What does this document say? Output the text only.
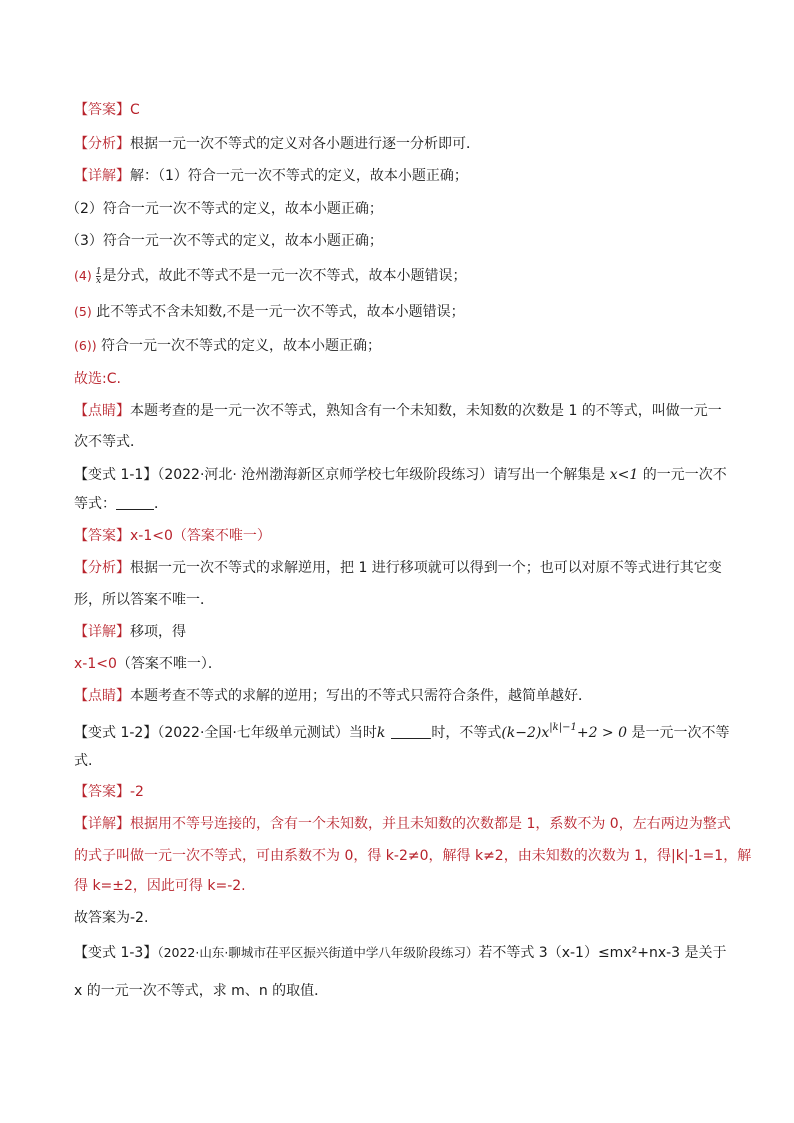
【答案】C
【分析】根据一元一次不等式的定义对各小题进行逐一分析即可．
【详解】解：（1）符合一元一次不等式的定义，故本小题正确；
（2）符合一元一次不等式的定义，故本小题正确；
（3）符合一元一次不等式的定义，故本小题正确；
$(4) \frac{1}{x}$ 是分式，故此不等式不是一元一次不等式，故本小题错误；
(5) 此不等式不含未知数,不是一元一次不等式，故本小题错误；
(6)) 符合一元一次不等式的定义，故本小题正确；
故选:C.
【点睛】本题考查的是一元一次不等式，熟知含有一个未知数，未知数的次数是 1 的不等式，叫做一元一
次不等式．
【变式 1-1】（2022·河北· 沧州渤海新区京师学校七年级阶段练习）请写出一个解集是 x<1 的一元一次不
等式：	．
【答案】x-1<0（答案不唯一）
【分析】根据一元一次不等式的求解逆用，把 1 进行移项就可以得到一个；也可以对原不等式进行其它变
形，所以答案不唯一．
【详解】移项，得
x-1<0（答案不唯一）．
【点睛】本题考查不等式的求解的逆用；写出的不等式只需符合条件，越简单越好．
【变式 1-2】（2022·全国·七年级单元测试）当时k	时，不等式$(k-2)x^{|k|-1}+2 > 0$ 是一元一次不等
式.
【答案】-2
【详解】根据用不等号连接的，含有一个未知数，并且未知数的次数都是 1，系数不为 0，左右两边为整式
的式子叫做一元一次不等式，可由系数不为 0，得 k-2≠0，解得 k≠2，由未知数的次数为 1，得|k|-1=1，解
得 k=±2，因此可得 k=-2.
故答案为-2.
【变式 1-3】（2022·山东·聊城市茌平区振兴街道中学八年级阶段练习）若不等式 3（x-1）≤mx²+nx-3 是关于
x 的一元一次不等式，求 m、n 的取值．
